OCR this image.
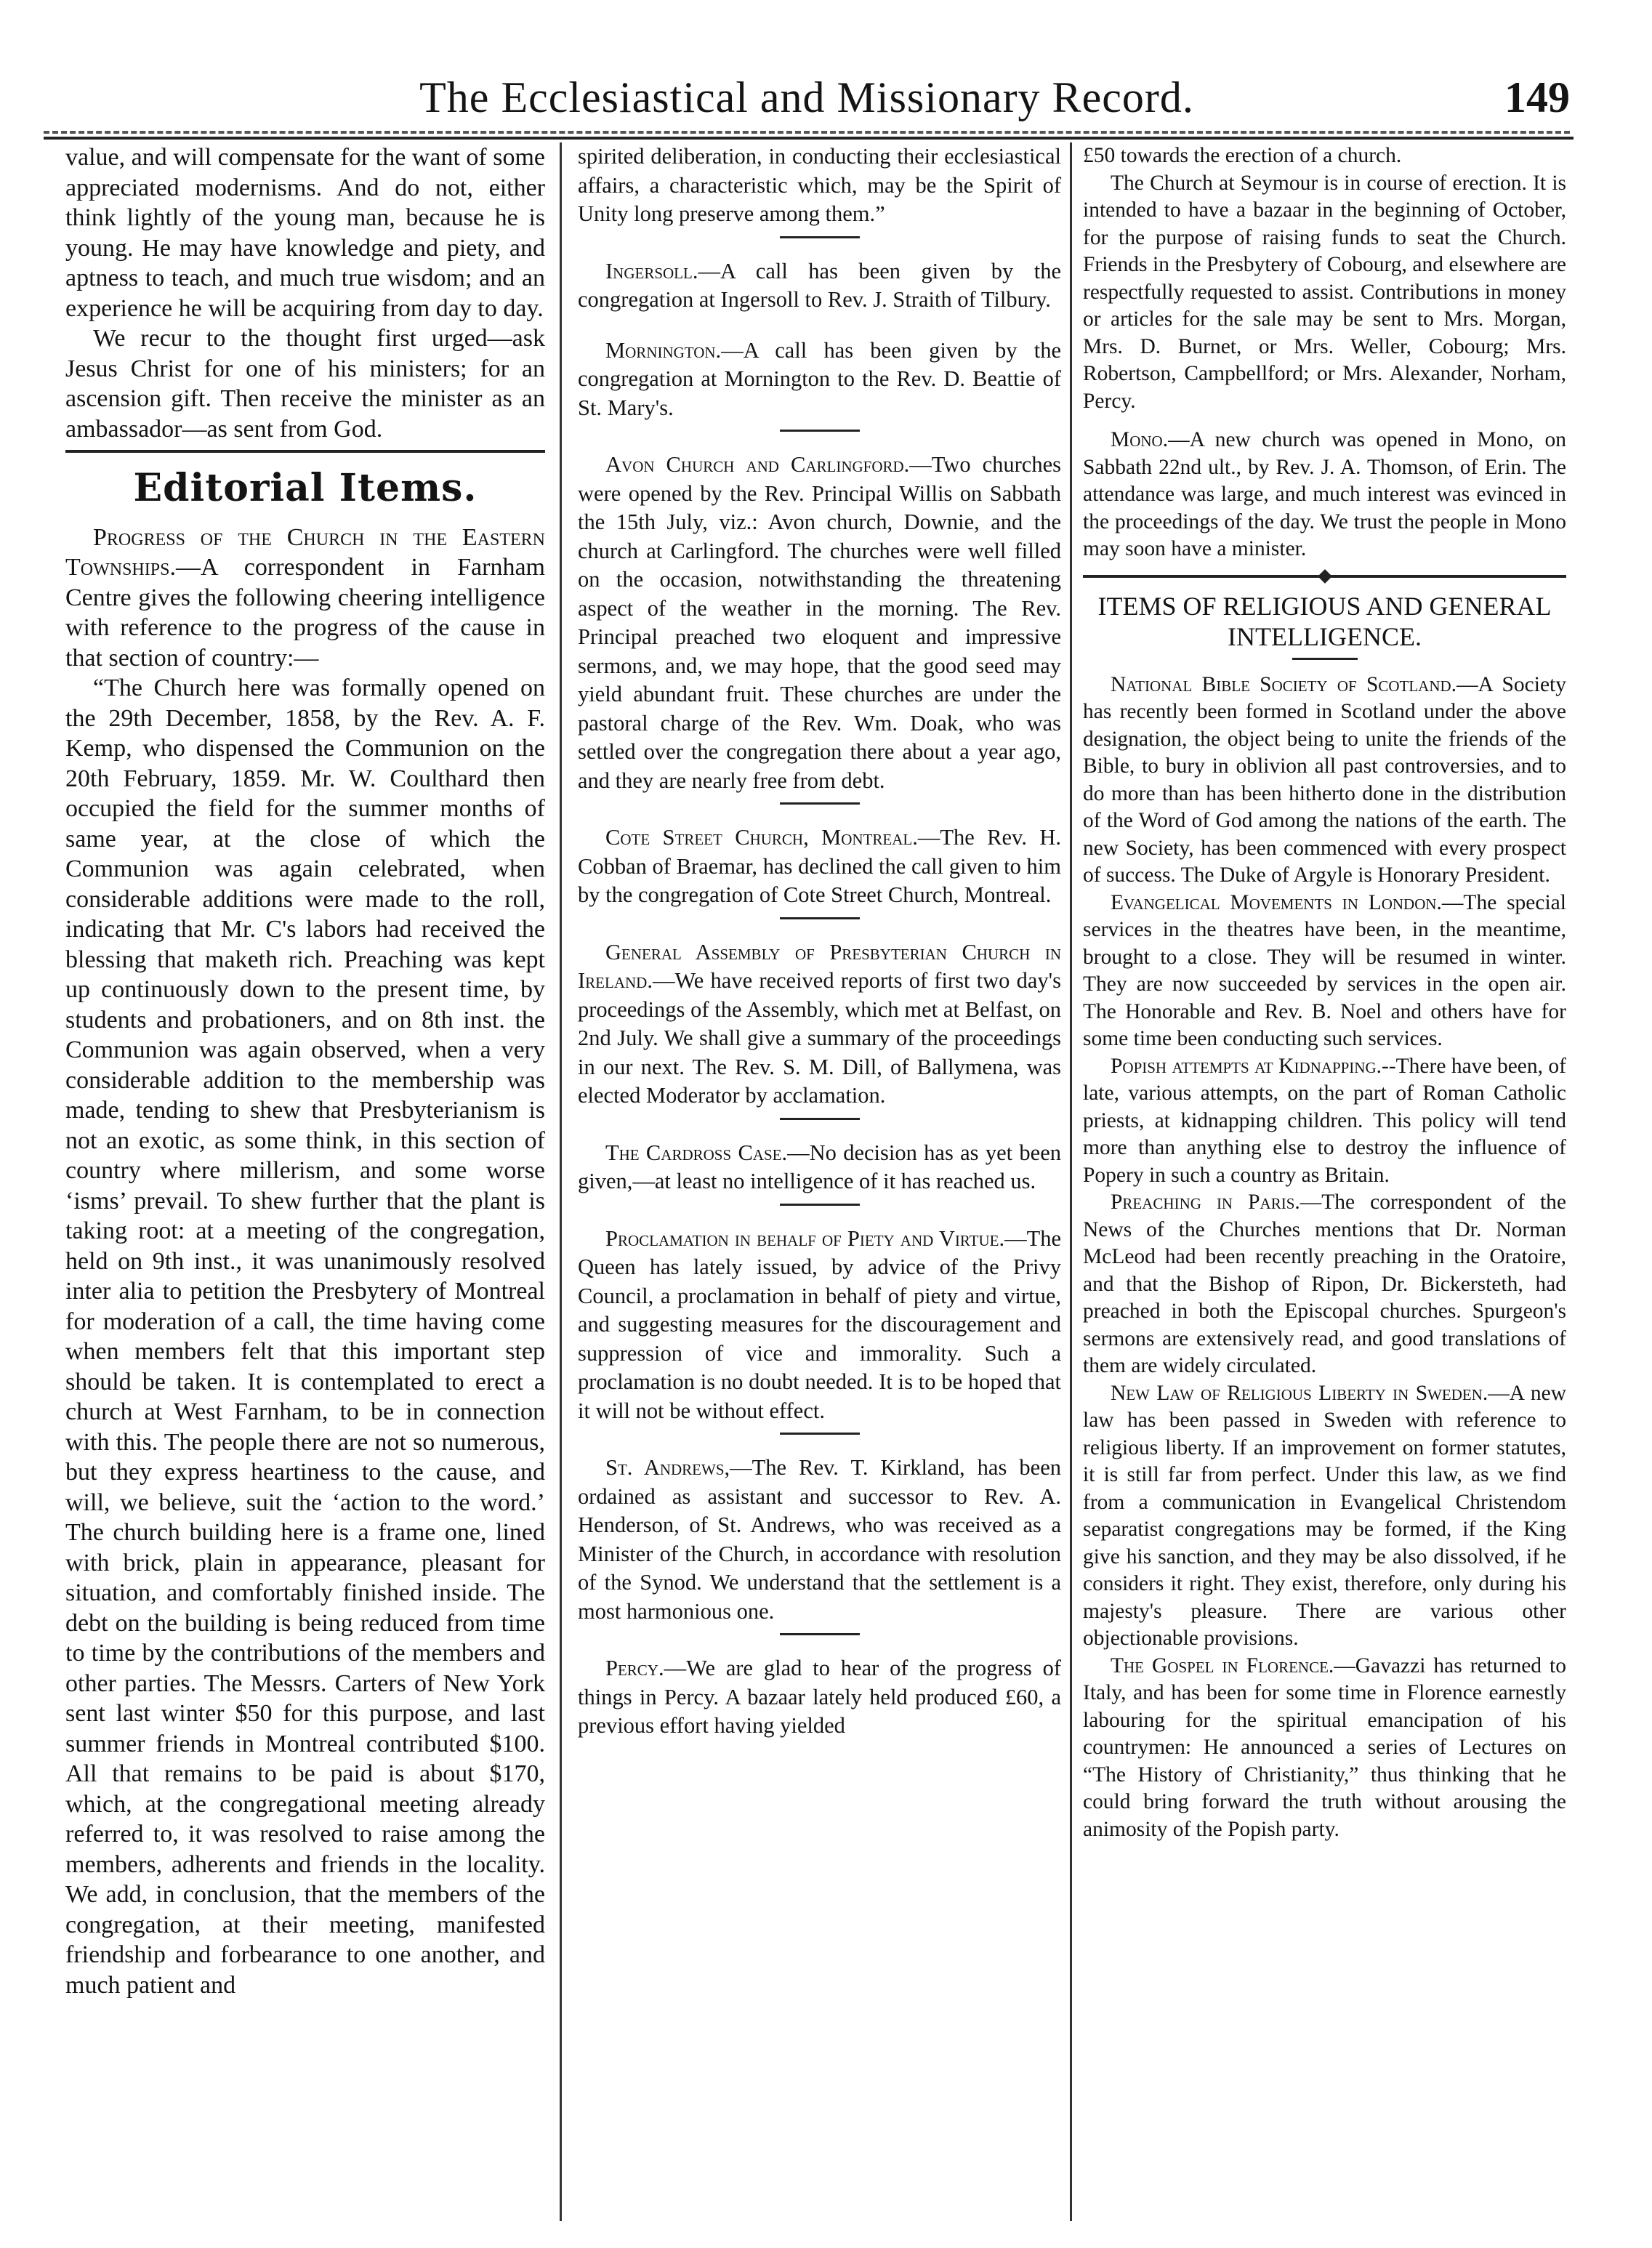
The Ecclesiastical and Missionary Record.	149

value, and will compensate for the want of some appreciated modernisms. And do not, either think lightly of the young man, because he is young. He may have knowledge and piety, and aptness to teach, and much true wisdom; and an experience he will be acquiring from day to day.

We recur to the thought first urged—ask Jesus Christ for one of his ministers; for an ascension gift. Then receive the minister as an ambassador—as sent from God.

Editorial Items.

Progress of the Church in the Eastern Townships.—A correspondent in Farnham Centre gives the following cheering intelligence with reference to the progress of the cause in that section of country:—

“The Church here was formally opened on the 29th December, 1858, by the Rev. A. F. Kemp, who dispensed the Communion on the 20th February, 1859. Mr. W. Coulthard then occupied the field for the summer months of same year, at the close of which the Communion was again celebrated, when considerable additions were made to the roll, indicating that Mr. C's labors had received the blessing that maketh rich. Preaching was kept up continuously down to the present time, by students and probationers, and on 8th inst. the Communion was again observed, when a very considerable addition to the membership was made, tending to shew that Presbyterianism is not an exotic, as some think, in this section of country where millerism, and some worse ‘isms’ prevail. To shew further that the plant is taking root: at a meeting of the congregation, held on 9th inst., it was unanimously resolved inter alia to petition the Presbytery of Montreal for moderation of a call, the time having come when members felt that this important step should be taken. It is contemplated to erect a church at West Farnham, to be in connection with this. The people there are not so numerous, but they express heartiness to the cause, and will, we believe, suit the ‘action to the word.’ The church building here is a frame one, lined with brick, plain in appearance, pleasant for situation, and comfortably finished inside. The debt on the building is being reduced from time to time by the contributions of the members and other parties. The Messrs. Carters of New York sent last winter $50 for this purpose, and last summer friends in Montreal contributed $100. All that remains to be paid is about $170, which, at the congregational meeting already referred to, it was resolved to raise among the members, adherents and friends in the locality. We add, in conclusion, that the members of the congregation, at their meeting, manifested friendship and forbearance to one another, and much patient and

spirited deliberation, in conducting their ecclesiastical affairs, a characteristic which, may be the Spirit of Unity long preserve among them.”

Ingersoll.—A call has been given by the congregation at Ingersoll to Rev. J. Straith of Tilbury.

Mornington.—A call has been given by the congregation at Mornington to the Rev. D. Beattie of St. Mary's.

Avon Church and Carlingford.—Two churches were opened by the Rev. Principal Willis on Sabbath the 15th July, viz.: Avon church, Downie, and the church at Carlingford. The churches were well filled on the occasion, notwithstanding the threatening aspect of the weather in the morning. The Rev. Principal preached two eloquent and impressive sermons, and, we may hope, that the good seed may yield abundant fruit. These churches are under the pastoral charge of the Rev. Wm. Doak, who was settled over the congregation there about a year ago, and they are nearly free from debt.

Cote Street Church, Montreal.—The Rev. H. Cobban of Braemar, has declined the call given to him by the congregation of Cote Street Church, Montreal.

General Assembly of Presbyterian Church in Ireland.—We have received reports of first two day's proceedings of the Assembly, which met at Belfast, on 2nd July. We shall give a summary of the proceedings in our next. The Rev. S. M. Dill, of Ballymena, was elected Moderator by acclamation.

The Cardross Case.—No decision has as yet been given,—at least no intelligence of it has reached us.

Proclamation in behalf of Piety and Virtue.—The Queen has lately issued, by advice of the Privy Council, a proclamation in behalf of piety and virtue, and suggesting measures for the discouragement and suppression of vice and immorality. Such a proclamation is no doubt needed. It is to be hoped that it will not be without effect.

St. Andrews,—The Rev. T. Kirkland, has been ordained as assistant and successor to Rev. A. Henderson, of St. Andrews, who was received as a Minister of the Church, in accordance with resolution of the Synod. We understand that the settlement is a most harmonious one.

Percy.—We are glad to hear of the progress of things in Percy. A bazaar lately held produced £60, a previous effort having yielded

£50 towards the erection of a church.

The Church at Seymour is in course of erection. It is intended to have a bazaar in the beginning of October, for the purpose of raising funds to seat the Church. Friends in the Presbytery of Cobourg, and elsewhere are respectfully requested to assist. Contributions in money or articles for the sale may be sent to Mrs. Morgan, Mrs. D. Burnet, or Mrs. Weller, Cobourg; Mrs. Robertson, Campbellford; or Mrs. Alexander, Norham, Percy.

Mono.—A new church was opened in Mono, on Sabbath 22nd ult., by Rev. J. A. Thomson, of Erin. The attendance was large, and much interest was evinced in the proceedings of the day. We trust the people in Mono may soon have a minister.

ITEMS OF RELIGIOUS AND GENERAL INTELLIGENCE.

National Bible Society of Scotland.—A Society has recently been formed in Scotland under the above designation, the object being to unite the friends of the Bible, to bury in oblivion all past controversies, and to do more than has been hitherto done in the distribution of the Word of God among the nations of the earth. The new Society, has been commenced with every prospect of success. The Duke of Argyle is Honorary President.

Evangelical Movements in London.—The special services in the theatres have been, in the meantime, brought to a close. They will be resumed in winter. They are now succeeded by services in the open air. The Honorable and Rev. B. Noel and others have for some time been conducting such services.

Popish attempts at Kidnapping.--There have been, of late, various attempts, on the part of Roman Catholic priests, at kidnapping children. This policy will tend more than anything else to destroy the influence of Popery in such a country as Britain.

Preaching in Paris.—The correspondent of the News of the Churches mentions that Dr. Norman McLeod had been recently preaching in the Oratoire, and that the Bishop of Ripon, Dr. Bickersteth, had preached in both the Episcopal churches. Spurgeon's sermons are extensively read, and good translations of them are widely circulated.

New Law of Religious Liberty in Sweden.—A new law has been passed in Sweden with reference to religious liberty. If an improvement on former statutes, it is still far from perfect. Under this law, as we find from a communication in Evangelical Christendom separatist congregations may be formed, if the King give his sanction, and they may be also dissolved, if he considers it right. They exist, therefore, only during his majesty's pleasure. There are various other objectionable provisions.

The Gospel in Florence.—Gavazzi has returned to Italy, and has been for some time in Florence earnestly labouring for the spiritual emancipation of his countrymen: He announced a series of Lectures on “The History of Christianity,” thus thinking that he could bring forward the truth without arousing the animosity of the Popish party.
